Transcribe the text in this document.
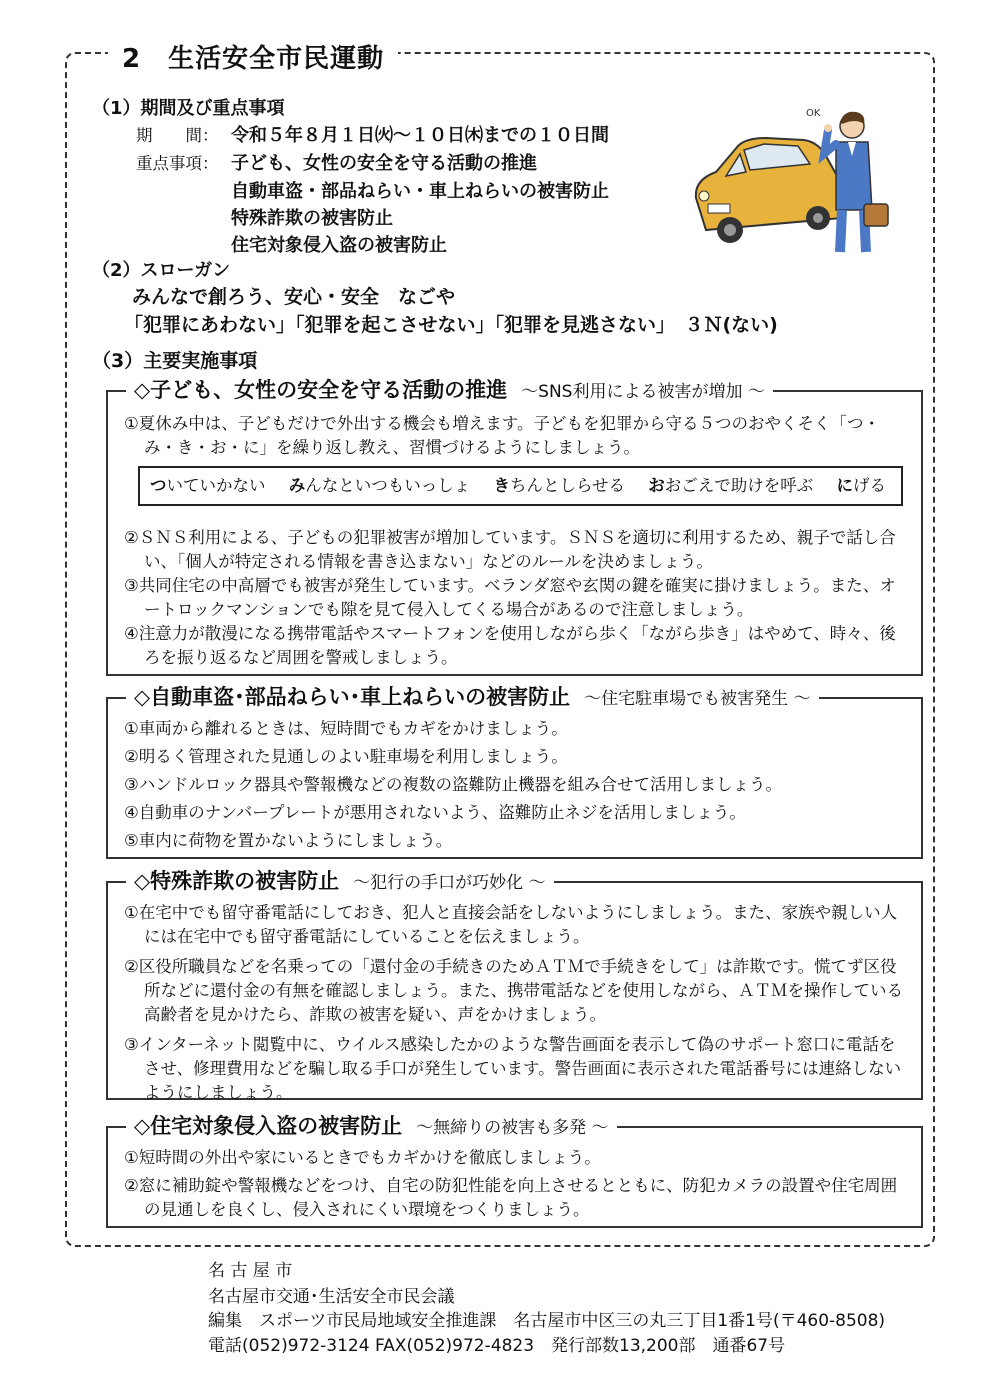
2　生活安全市民運動
（1）期間及び重点事項
期　　間： 令和５年８月１日㈫～１０日㈭までの１０日間
重点事項： 子ども、女性の安全を守る活動の推進
自動車盗・部品ねらい・車上ねらいの被害防止
特殊詐欺の被害防止
住宅対象侵入盗の被害防止
OK
（2）スローガン
みんなで創ろう、安心・安全　なごや
「犯罪にあわない」「犯罪を起こさせない」「犯罪を見逃さない」　３Ｎ(ない)
（3）主要実施事項
◇子ども、女性の安全を守る活動の推進 ～SNS利用による被害が増加 ～
①夏休み中は、子どもだけで外出する機会も増えます。子どもを犯罪から守る５つのおやくそく「つ・み・き・お・に」を繰り返し教え、習慣づけるようにしましょう。
ついていかない みんなといつもいっしょ きちんとしらせる おおごえで助けを呼ぶ にげる
②ＳＮＳ利用による、子どもの犯罪被害が増加しています。ＳＮＳを適切に利用するため、親子で話し合い、「個人が特定される情報を書き込まない」などのルールを決めましょう。
③共同住宅の中高層でも被害が発生しています。ベランダ窓や玄関の鍵を確実に掛けましょう。また、オートロックマンションでも隙を見て侵入してくる場合があるので注意しましょう。
④注意力が散漫になる携帯電話やスマートフォンを使用しながら歩く「ながら歩き」はやめて、時々、後ろを振り返るなど周囲を警戒しましょう。
◇自動車盗･部品ねらい･車上ねらいの被害防止 ～住宅駐車場でも被害発生 ～
①車両から離れるときは、短時間でもカギをかけましょう。
②明るく管理された見通しのよい駐車場を利用しましょう。
③ハンドルロック器具や警報機などの複数の盗難防止機器を組み合せて活用しましょう。
④自動車のナンバープレートが悪用されないよう、盗難防止ネジを活用しましょう。
⑤車内に荷物を置かないようにしましょう。
◇特殊詐欺の被害防止 ～犯行の手口が巧妙化 ～
①在宅中でも留守番電話にしておき、犯人と直接会話をしないようにしましょう。また、家族や親しい人には在宅中でも留守番電話にしていることを伝えましょう。
②区役所職員などを名乗っての「還付金の手続きのためＡＴＭで手続きをして」は詐欺です。慌てず区役所などに還付金の有無を確認しましょう。また、携帯電話などを使用しながら、ＡＴＭを操作している高齢者を見かけたら、詐欺の被害を疑い、声をかけましょう。
③インターネット閲覧中に、ウイルス感染したかのような警告画面を表示して偽のサポート窓口に電話をさせ、修理費用などを騙し取る手口が発生しています。警告画面に表示された電話番号には連絡しないようにしましょう。
◇住宅対象侵入盗の被害防止 ～無締りの被害も多発 ～
①短時間の外出や家にいるときでもカギかけを徹底しましょう。
②窓に補助錠や警報機などをつけ、自宅の防犯性能を向上させるとともに、防犯カメラの設置や住宅周囲の見通しを良くし、侵入されにくい環境をつくりましょう。
名 古 屋 市
名古屋市交通･生活安全市民会議
編集　スポーツ市民局地域安全推進課　名古屋市中区三の丸三丁目1番1号(〒460-8508)
電話(052)972-3124 FAX(052)972-4823　発行部数13,200部　通番67号
